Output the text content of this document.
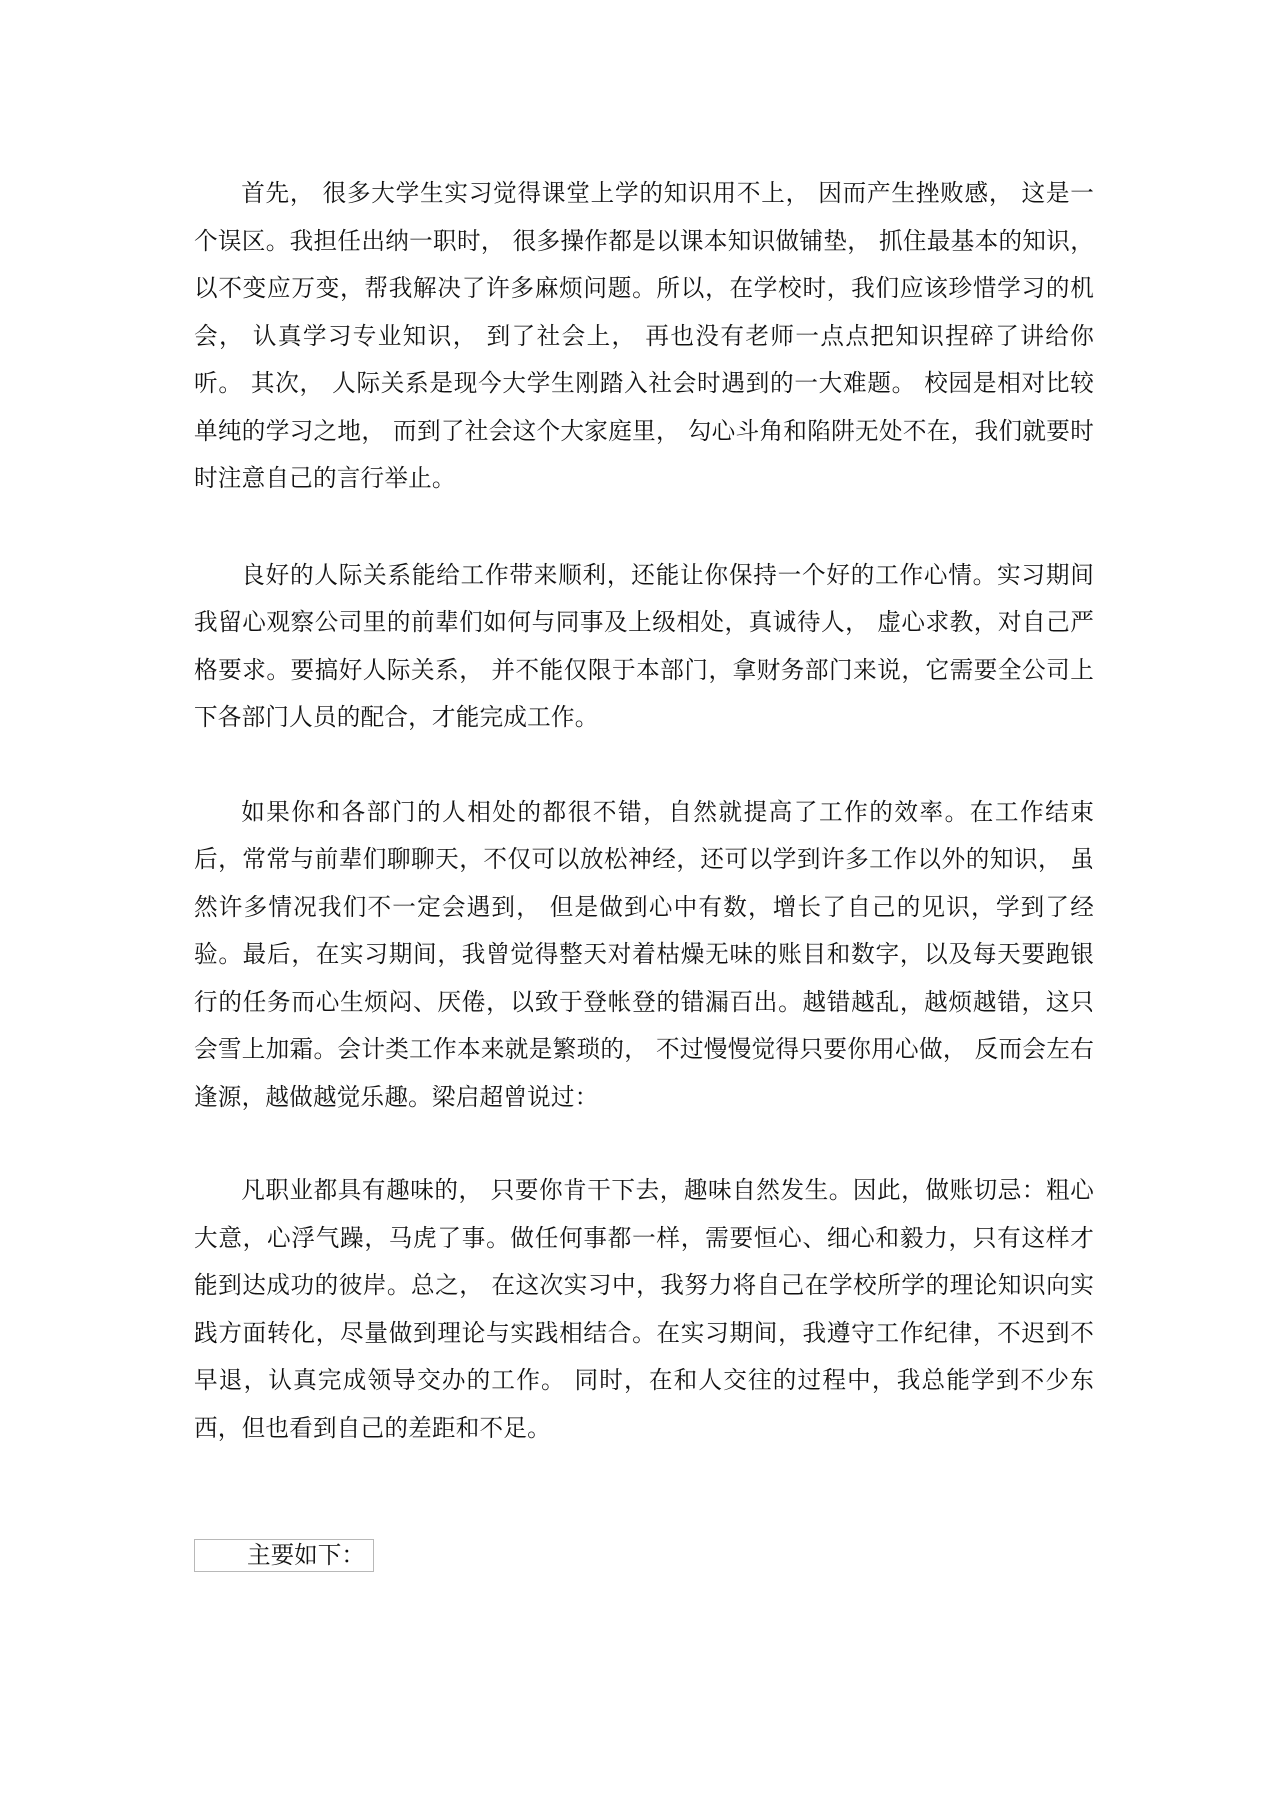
首先， 很多大学生实习觉得课堂上学的知识用不上， 因而产生挫败感， 这是一个误区。我担任出纳一职时， 很多操作都是以课本知识做铺垫， 抓住最基本的知识，以不变应万变，帮我解决了许多麻烦问题。所以，在学校时，我们应该珍惜学习的机会， 认真学习专业知识， 到了社会上， 再也没有老师一点点把知识捏碎了讲给你听。 其次， 人际关系是现今大学生刚踏入社会时遇到的一大难题。 校园是相对比较单纯的学习之地， 而到了社会这个大家庭里， 勾心斗角和陷阱无处不在，我们就要时时注意自己的言行举止。

良好的人际关系能给工作带来顺利，还能让你保持一个好的工作心情。实习期间我留心观察公司里的前辈们如何与同事及上级相处，真诚待人， 虚心求教，对自己严格要求。要搞好人际关系， 并不能仅限于本部门，拿财务部门来说，它需要全公司上下各部门人员的配合，才能完成工作。

如果你和各部门的人相处的都很不错，自然就提高了工作的效率。在工作结束后，常常与前辈们聊聊天，不仅可以放松神经，还可以学到许多工作以外的知识， 虽然许多情况我们不一定会遇到， 但是做到心中有数，增长了自己的见识，学到了经验。最后，在实习期间，我曾觉得整天对着枯燥无味的账目和数字，以及每天要跑银行的任务而心生烦闷、厌倦，以致于登帐登的错漏百出。越错越乱，越烦越错，这只会雪上加霜。会计类工作本来就是繁琐的， 不过慢慢觉得只要你用心做， 反而会左右逢源，越做越觉乐趣。梁启超曾说过：

凡职业都具有趣味的， 只要你肯干下去，趣味自然发生。因此，做账切忌：粗心大意，心浮气躁，马虎了事。做任何事都一样，需要恒心、细心和毅力，只有这样才能到达成功的彼岸。总之， 在这次实习中，我努力将自己在学校所学的理论知识向实践方面转化，尽量做到理论与实践相结合。在实习期间，我遵守工作纪律，不迟到不早退，认真完成领导交办的工作。 同时，在和人交往的过程中，我总能学到不少东西，但也看到自己的差距和不足。

主要如下：
